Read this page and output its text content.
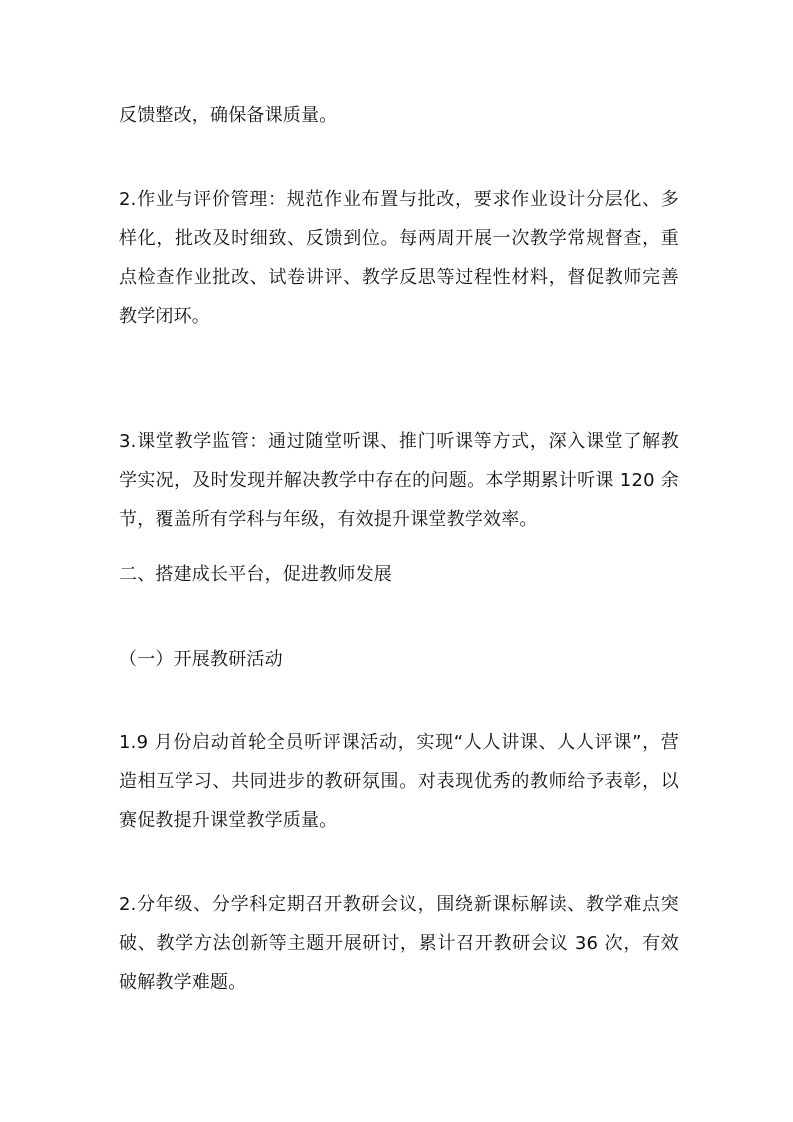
反馈整改，确保备课质量。
2.作业与评价管理：规范作业布置与批改，要求作业设计分层化、多
样化，批改及时细致、反馈到位。每两周开展一次教学常规督查，重
点检查作业批改、试卷讲评、教学反思等过程性材料，督促教师完善
教学闭环。
3.课堂教学监管：通过随堂听课、推门听课等方式，深入课堂了解教
学实况，及时发现并解决教学中存在的问题。本学期累计听课 120 余
节，覆盖所有学科与年级，有效提升课堂教学效率。
二、搭建成长平台，促进教师发展
（一）开展教研活动
1.9 月份启动首轮全员听评课活动，实现“人人讲课、人人评课”，营
造相互学习、共同进步的教研氛围。对表现优秀的教师给予表彰，以
赛促教提升课堂教学质量。
2.分年级、分学科定期召开教研会议，围绕新课标解读、教学难点突
破、教学方法创新等主题开展研讨，累计召开教研会议 36 次，有效
破解教学难题。
